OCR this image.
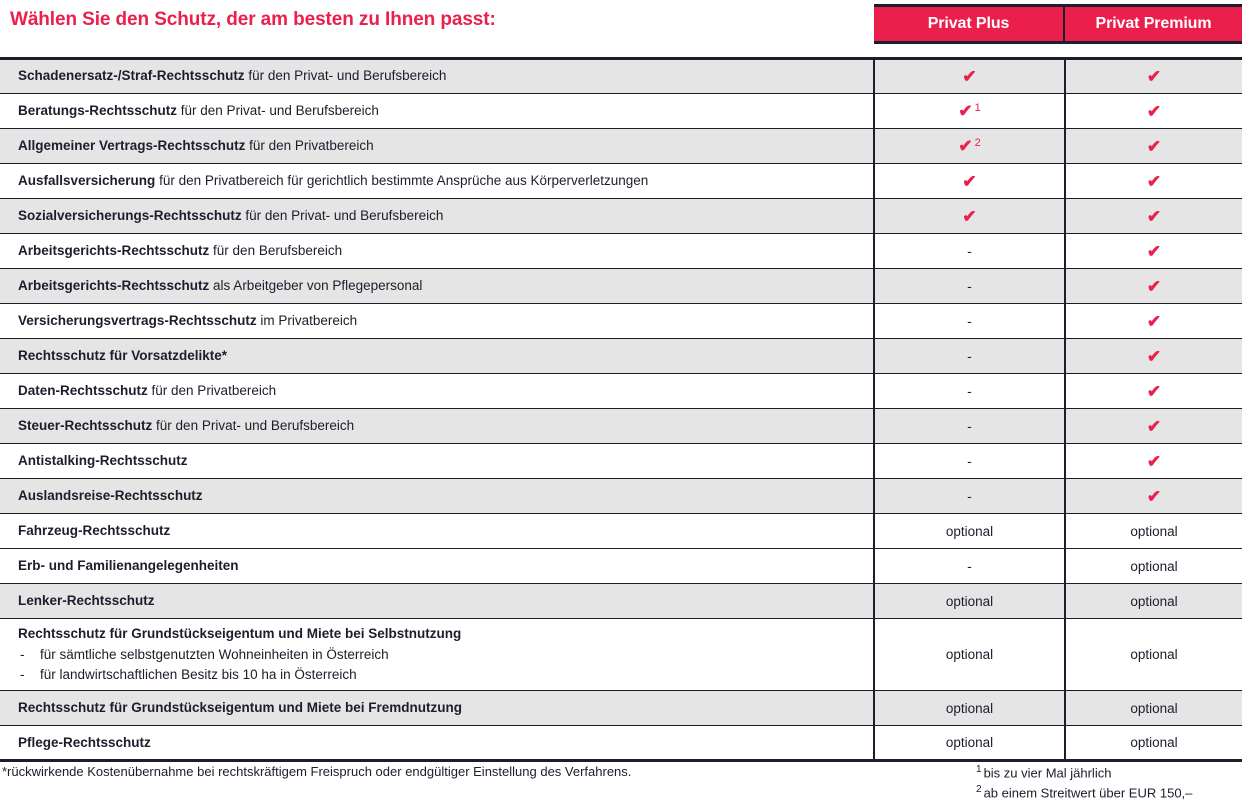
Wählen Sie den Schutz, der am besten zu Ihnen passt:	Privat Plus	Privat Premium
Schadenersatz-/Straf-Rechtsschutz für den Privat- und Berufsbereich	✔	✔
Beratungs-Rechtsschutz für den Privat- und Berufsbereich	✔ $^1$	✔
Allgemeiner Vertrags-Rechtsschutz für den Privatbereich	✔ $^2$	✔
Ausfallsversicherung für den Privatbereich für gerichtlich bestimmte Ansprüche aus Körperverletzungen	✔	✔
Sozialversicherungs-Rechtsschutz für den Privat- und Berufsbereich	✔	✔
Arbeitsgerichts-Rechtsschutz für den Berufsbereich	-	✔
Arbeitsgerichts-Rechtsschutz als Arbeitgeber von Pflegepersonal	-	✔
Versicherungsvertrags-Rechtsschutz im Privatbereich	-	✔
Rechtsschutz für Vorsatzdelikte*	-	✔
Daten-Rechtsschutz für den Privatbereich	-	✔
Steuer-Rechtsschutz für den Privat- und Berufsbereich	-	✔
Antistalking-Rechtsschutz	-	✔
Auslandsreise-Rechtsschutz	-	✔
Fahrzeug-Rechtsschutz	optional	optional
Erb- und Familienangelegenheiten	-	optional
Lenker-Rechtsschutz	optional	optional
Rechtsschutz für Grundstückseigentum und Miete bei Selbstnutzung
- für sämtliche selbstgenutzten Wohneinheiten in Österreich
- für landwirtschaftlichen Besitz bis 10 ha in Österreich
	optional	optional
Rechtsschutz für Grundstückseigentum und Miete bei Fremdnutzung	optional	optional
Pflege-Rechtsschutz	optional	optional
*rückwirkende Kostenübernahme bei rechtskräftigem Freispruch oder endgültiger Einstellung des Verfahrens.	$^1$ bis zu vier Mal jährlich
$^2$ ab einem Streitwert über EUR 150,–
